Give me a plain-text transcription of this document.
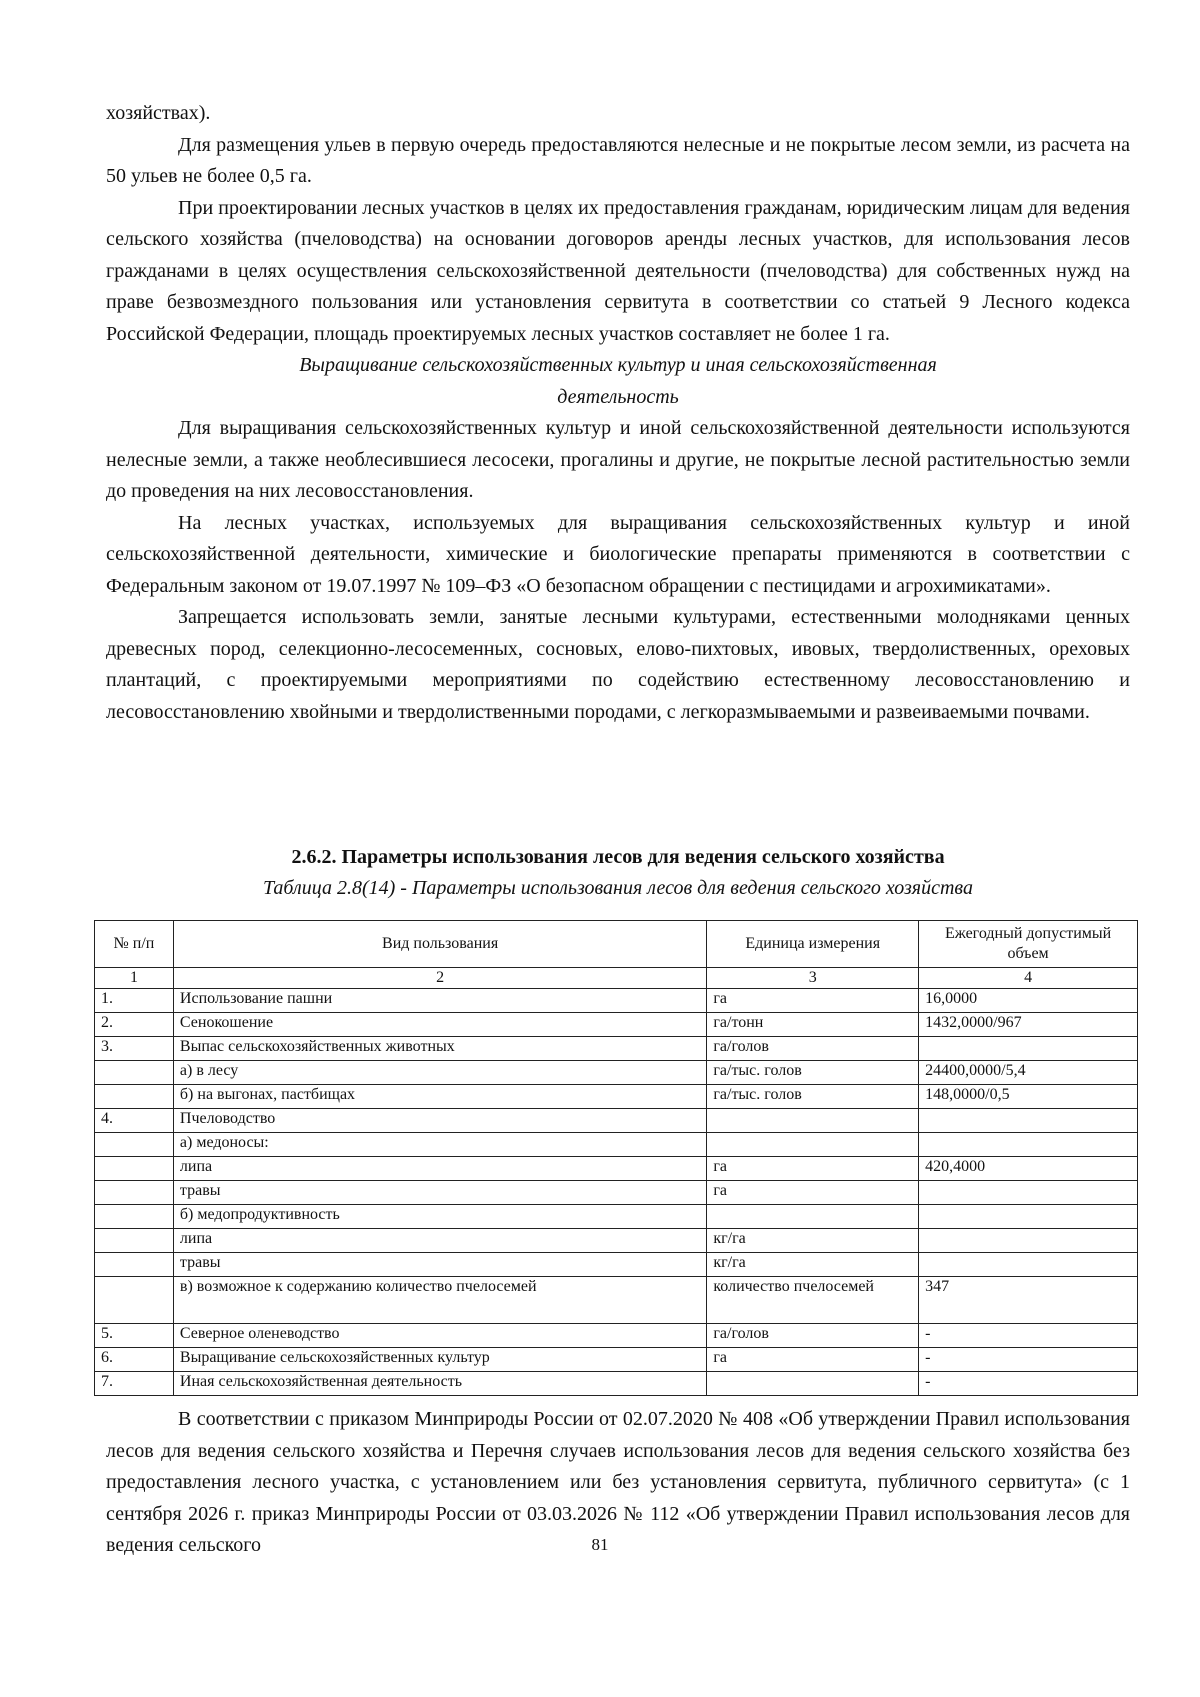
хозяйствах).

Для размещения ульев в первую очередь предоставляются нелесные и не покрытые лесом земли, из расчета на 50 ульев не более 0,5 га.

При проектировании лесных участков в целях их предоставления гражданам, юридическим лицам для ведения сельского хозяйства (пчеловодства) на основании договоров аренды лесных участков, для использования лесов гражданами в целях осуществления сельскохозяйственной деятельности (пчеловодства) для собственных нужд на праве безвозмездного пользования или установления сервитута в соответствии со статьей 9 Лесного кодекса Российской Федерации, площадь проектируемых лесных участков составляет не более 1 га.

Выращивание сельскохозяйственных культур и иная сельскохозяйственная

деятельность

Для выращивания сельскохозяйственных культур и иной сельскохозяйственной деятельности используются нелесные земли, а также необлесившиеся лесосеки, прогалины и другие, не покрытые лесной растительностью земли до проведения на них лесовосстановления.

На лесных участках, используемых для выращивания сельскохозяйственных культур и иной сельскохозяйственной деятельности, химические и биологические препараты применяются в соответствии с Федеральным законом от 19.07.1997 № 109–ФЗ «О безопасном обращении с пестицидами и агрохимикатами».

Запрещается использовать земли, занятые лесными культурами, естественными молодняками ценных древесных пород, селекционно-лесосеменных, сосновых, елово-пихтовых, ивовых, твердолиственных, ореховых плантаций, с проектируемыми мероприятиями по содействию естественному лесовосстановлению и лесовосстановлению хвойными и твердолиственными породами, с легкоразмываемыми и развеиваемыми почвами.

2.6.2. Параметры использования лесов для ведения сельского хозяйства
Таблица 2.8(14) - Параметры использования лесов для ведения сельского хозяйства
№ п/п	Вид пользования	Единица измерения	Ежегодный допустимый объем
1	2	3	4
1.	Использование пашни	га	16,0000
2.	Сенокошение	га/тонн	1432,0000/967
3.	Выпас сельскохозяйственных животных	га/голов	
	а) в лесу	га/тыс. голов	24400,0000/5,4
	б) на выгонах, пастбищах	га/тыс. голов	148,0000/0,5
4.	Пчеловодство		
	а) медоносы:		
	липа	га	420,4000
	травы	га	
	б) медопродуктивность		
	липа	кг/га	
	травы	кг/га	
	в) возможное к содержанию количество пчелосемей	количество пчелосемей	347
5.	Северное оленеводство	га/голов	-
6.	Выращивание сельскохозяйственных культур	га	-
7.	Иная сельскохозяйственная деятельность		-

В соответствии с приказом Минприроды России от 02.07.2020 № 408 «Об утверждении Правил использования лесов для ведения сельского хозяйства и Перечня случаев использования лесов для ведения сельского хозяйства без предоставления лесного участка, с установлением или без установления сервитута, публичного сервитута» (с 1 сентября 2026 г. приказ Минприроды России от 03.03.2026 № 112 «Об утверждении Правил использования лесов для ведения сельского	81
